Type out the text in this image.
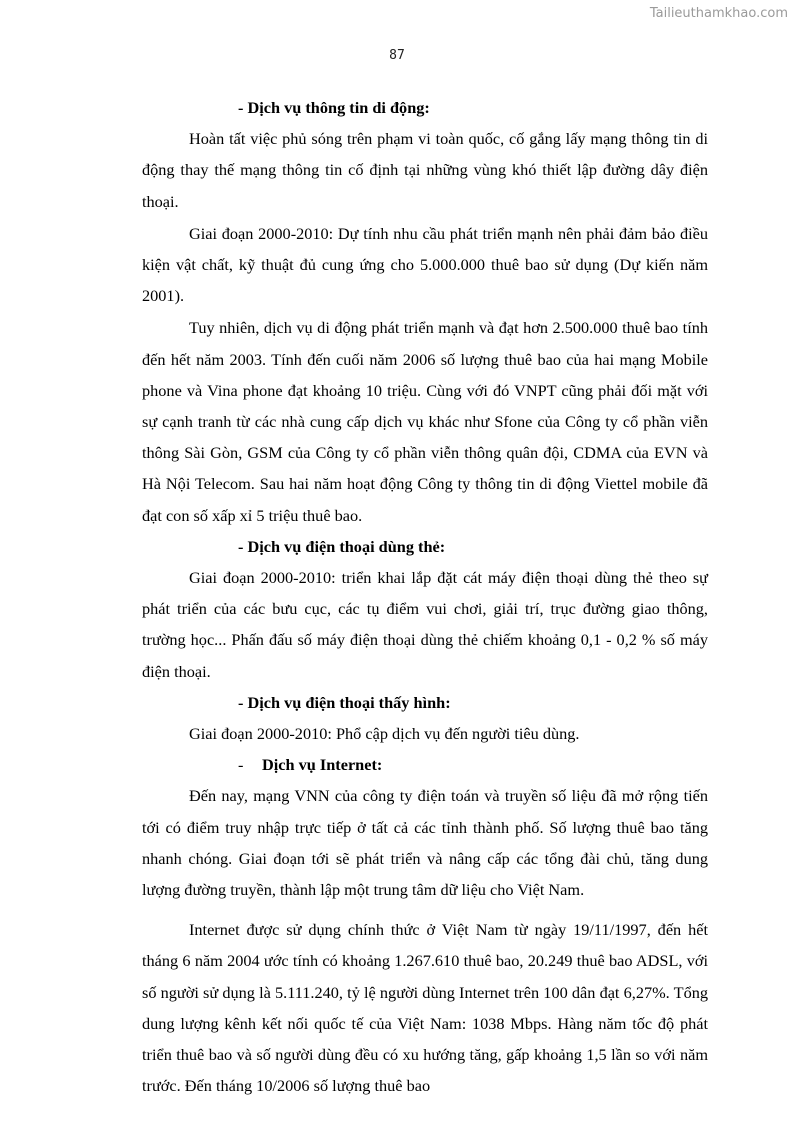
Tailieuthamkhao.com
87

- Dịch vụ thông tin di động:

Hoàn tất việc phủ sóng trên phạm vi toàn quốc, cố gắng lấy mạng thông tin di động thay thế mạng thông tin cố định tại những vùng khó thiết lập đường dây điện thoại.

Giai đoạn 2000-2010: Dự tính nhu cầu phát triển mạnh nên phải đảm bảo điều kiện vật chất, kỹ thuật đủ cung ứng cho 5.000.000 thuê bao sử dụng (Dự kiến năm 2001).

Tuy nhiên, dịch vụ di động phát triển mạnh và đạt hơn 2.500.000 thuê bao tính đến hết năm 2003. Tính đến cuối năm 2006 số lượng thuê bao của hai mạng Mobile phone và Vina phone đạt khoảng 10 triệu. Cùng với đó VNPT cũng phải đối mặt với sự cạnh tranh từ các nhà cung cấp dịch vụ khác như Sfone của Công ty cổ phần viễn thông Sài Gòn, GSM của Công ty cổ phần viễn thông quân đội, CDMA của EVN và Hà Nội Telecom. Sau hai năm hoạt động Công ty thông tin di động Viettel mobile đã đạt con số xấp xỉ 5 triệu thuê bao.

- Dịch vụ điện thoại dùng thẻ:

Giai đoạn 2000-2010: triển khai lắp đặt cát máy điện thoại dùng thẻ theo sự phát triển của các bưu cục, các tụ điểm vui chơi, giải trí, trục đường giao thông, trường học... Phấn đấu số máy điện thoại dùng thẻ chiếm khoảng 0,1 - 0,2 % số máy điện thoại.

- Dịch vụ điện thoại thấy hình:

Giai đoạn 2000-2010: Phổ cập dịch vụ đến người tiêu dùng.

- Dịch vụ Internet:

Đến nay, mạng VNN của công ty điện toán và truyền số liệu đã mở rộng tiến tới có điểm truy nhập trực tiếp ở tất cả các tỉnh thành phố. Số lượng thuê bao tăng nhanh chóng. Giai đoạn tới sẽ phát triển và nâng cấp các tổng đài chủ, tăng dung lượng đường truyền, thành lập một trung tâm dữ liệu cho Việt Nam.

Internet được sử dụng chính thức ở Việt Nam từ ngày 19/11/1997, đến hết tháng 6 năm 2004 ước tính có khoảng 1.267.610 thuê bao, 20.249 thuê bao ADSL, với số người sử dụng là 5.111.240, tỷ lệ người dùng Internet trên 100 dân đạt 6,27%. Tổng dung lượng kênh kết nối quốc tế của Việt Nam: 1038 Mbps. Hàng năm tốc độ phát triển thuê bao và số người dùng đều có xu hướng tăng, gấp khoảng 1,5 lần so với năm trước. Đến tháng 10/2006 số lượng thuê bao
